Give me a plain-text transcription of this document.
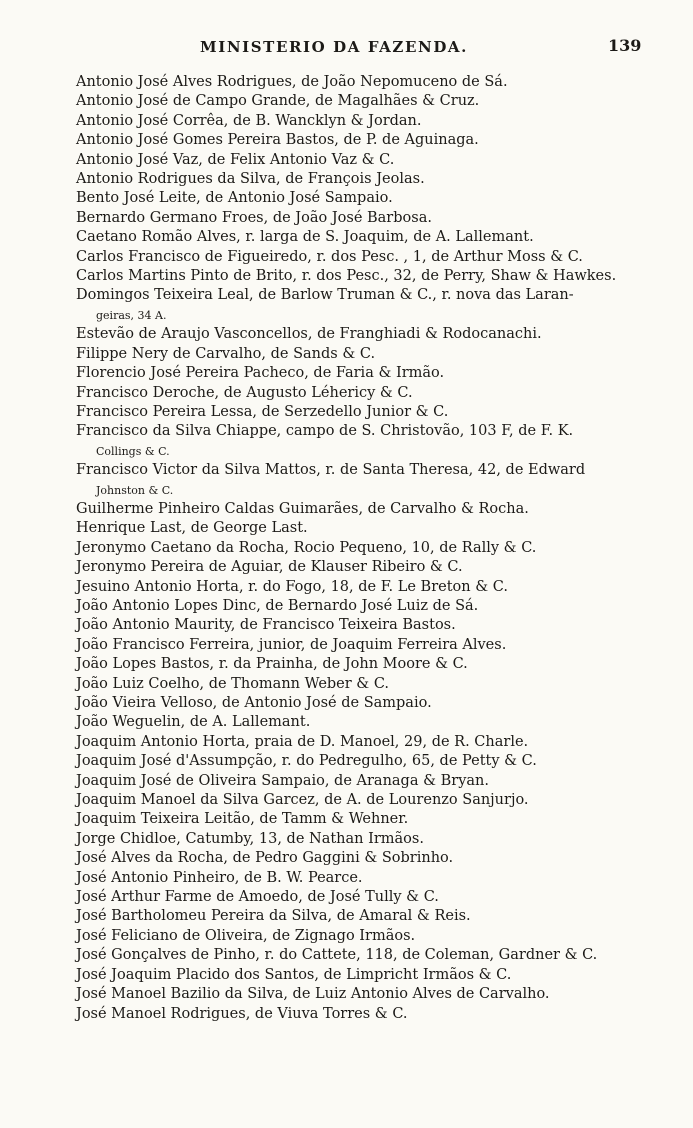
MINISTERIO DA FAZENDA.	139
Antonio José Alves Rodrigues, de João Nepomuceno de Sá.
Antonio José de Campo Grande, de Magalhães & Cruz.
Antonio José Corrêa, de B. Wancklyn & Jordan.
Antonio José Gomes Pereira Bastos, de P. de Aguinaga.
Antonio José Vaz, de Felix Antonio Vaz & C.
Antonio Rodrigues da Silva, de François Jeolas.
Bento José Leite, de Antonio José Sampaio.
Bernardo Germano Froes, de João José Barbosa.
Caetano Romão Alves, r. larga de S. Joaquim, de A. Lallemant.
Carlos Francisco de Figueiredo, r. dos Pesc. , 1, de Arthur Moss & C.
Carlos Martins Pinto de Brito, r. dos Pesc., 32, de Perry, Shaw & Hawkes.
Domingos Teixeira Leal, de Barlow Truman & C., r. nova das Laran-
geiras, 34 A.
Estevão de Araujo Vasconcellos, de Franghiadi & Rodocanachi.
Filippe Nery de Carvalho, de Sands & C.
Florencio José Pereira Pacheco, de Faria & Irmão.
Francisco Deroche, de Augusto Léhericy & C.
Francisco Pereira Lessa, de Serzedello Junior & C.
Francisco da Silva Chiappe, campo de S. Christovão, 103 F, de F. K.
Collings & C.
Francisco Victor da Silva Mattos, r. de Santa Theresa, 42, de Edward
Johnston & C.
Guilherme Pinheiro Caldas Guimarães, de Carvalho & Rocha.
Henrique Last, de George Last.
Jeronymo Caetano da Rocha, Rocio Pequeno, 10, de Rally & C.
Jeronymo Pereira de Aguiar, de Klauser Ribeiro & C.
Jesuino Antonio Horta, r. do Fogo, 18, de F. Le Breton & C.
João Antonio Lopes Dinc, de Bernardo José Luiz de Sá.
João Antonio Maurity, de Francisco Teixeira Bastos.
João Francisco Ferreira, junior, de Joaquim Ferreira Alves.
João Lopes Bastos, r. da Prainha, de John Moore & C.
João Luiz Coelho, de Thomann Weber & C.
João Vieira Velloso, de Antonio José de Sampaio.
João Weguelin, de A. Lallemant.
Joaquim Antonio Horta, praia de D. Manoel, 29, de R. Charle.
Joaquim José d'Assumpção, r. do Pedregulho, 65, de Petty & C.
Joaquim José de Oliveira Sampaio, de Aranaga & Bryan.
Joaquim Manoel da Silva Garcez, de A. de Lourenzo Sanjurjo.
Joaquim Teixeira Leitão, de Tamm & Wehner.
Jorge Chidloe, Catumby, 13, de Nathan Irmãos.
José Alves da Rocha, de Pedro Gaggini & Sobrinho.
José Antonio Pinheiro, de B. W. Pearce.
José Arthur Farme de Amoedo, de José Tully & C.
José Bartholomeu Pereira da Silva, de Amaral & Reis.
José Feliciano de Oliveira, de Zignago Irmãos.
José Gonçalves de Pinho, r. do Cattete, 118, de Coleman, Gardner & C.
José Joaquim Placido dos Santos, de Limpricht Irmãos & C.
José Manoel Bazilio da Silva, de Luiz Antonio Alves de Carvalho.
José Manoel Rodrigues, de Viuva Torres & C.
